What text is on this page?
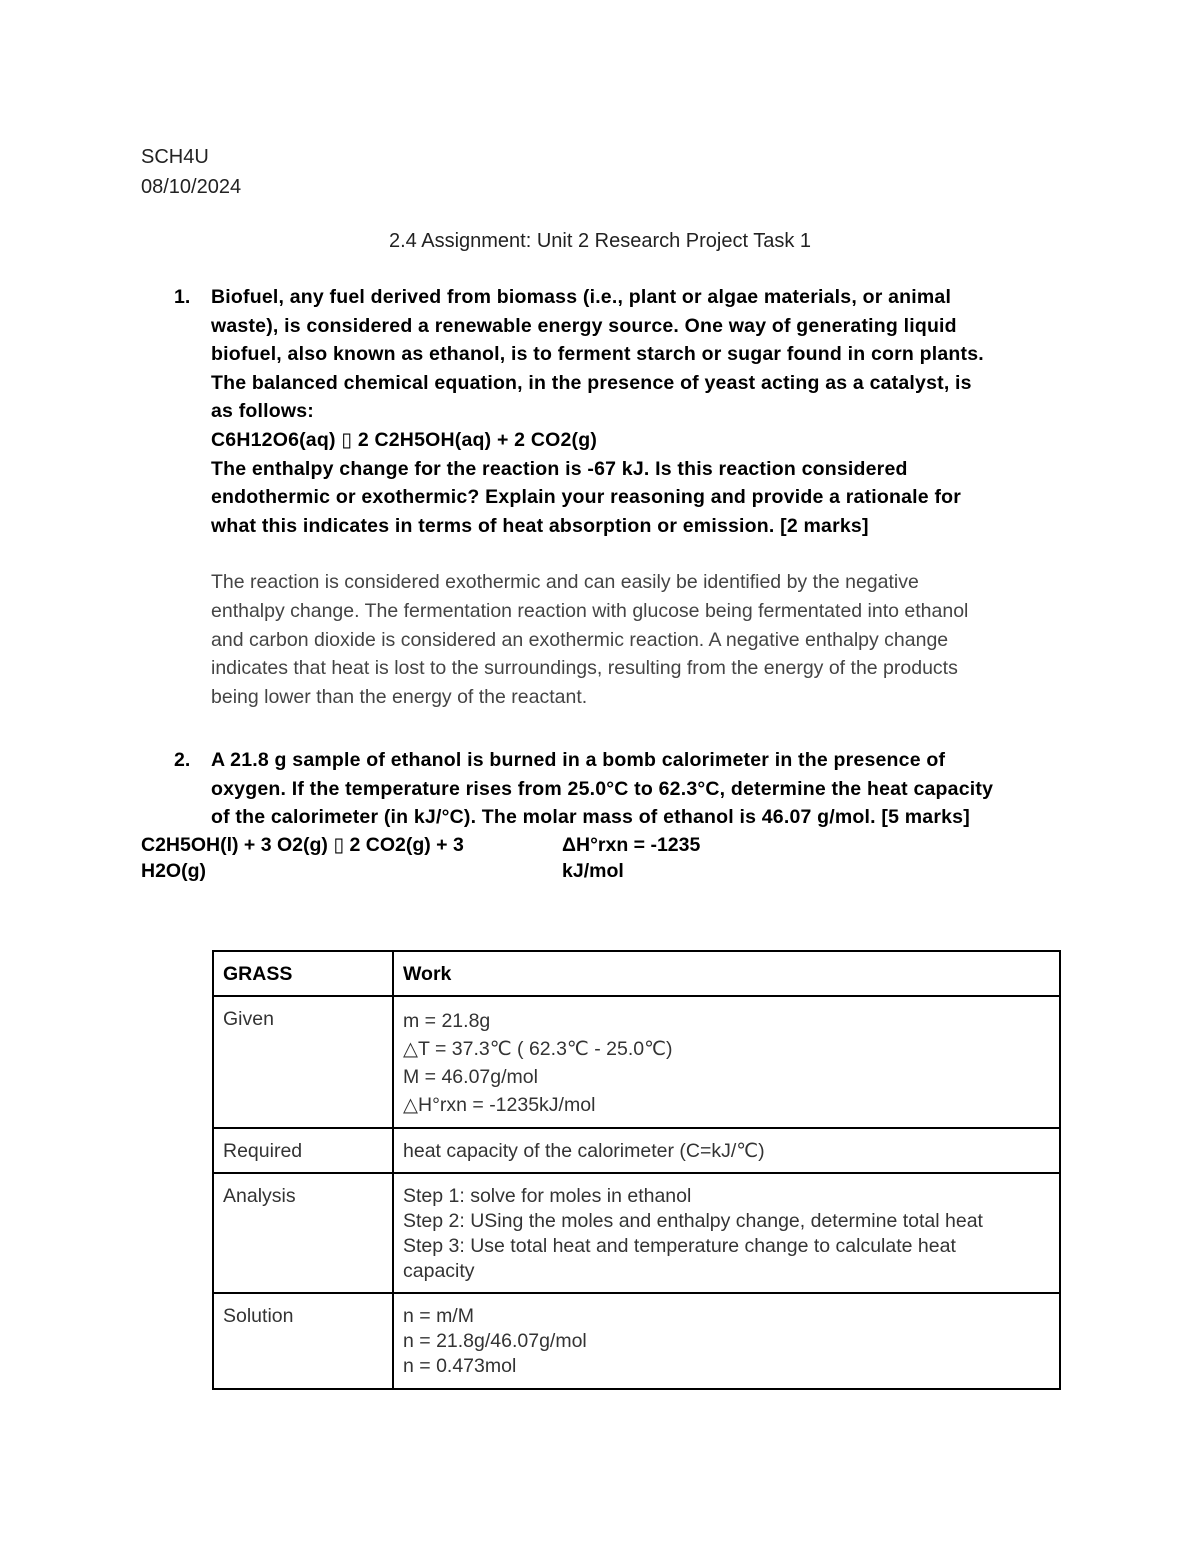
SCH4U
08/10/2024
2.4 Assignment: Unit 2 Research Project Task 1
1. Biofuel, any fuel derived from biomass (i.e., plant or algae materials, or animal
waste), is considered a renewable energy source. One way of generating liquid
biofuel, also known as ethanol, is to ferment starch or sugar found in corn plants.
The balanced chemical equation, in the presence of yeast acting as a catalyst, is
as follows:
C6H12O6(aq) ▯ 2 C2H5OH(aq) + 2 CO2(g)
The enthalpy change for the reaction is -67 kJ. Is this reaction considered
endothermic or exothermic? Explain your reasoning and provide a rationale for
what this indicates in terms of heat absorption or emission. [2 marks]
The reaction is considered exothermic and can easily be identified by the negative
enthalpy change. The fermentation reaction with glucose being fermentated into ethanol
and carbon dioxide is considered an exothermic reaction. A negative enthalpy change
indicates that heat is lost to the surroundings, resulting from the energy of the products
being lower than the energy of the reactant.
2. A 21.8 g sample of ethanol is burned in a bomb calorimeter in the presence of
oxygen. If the temperature rises from 25.0°C to 62.3°C, determine the heat capacity
of the calorimeter (in kJ/°C). The molar mass of ethanol is 46.07 g/mol. [5 marks]
C2H5OH(l) + 3 O2(g) ▯ 2 CO2(g) + 3
H2O(g)
ΔH°rxn = -1235
kJ/mol
GRASS	Work
Given	m = 21.8g
△T = 37.3℃ ( 62.3℃ - 25.0℃)
M = 46.07g/mol
△H°rxn = -1235kJ/mol

Required	heat capacity of the calorimeter (C=kJ/℃)

Analysis	Step 1: solve for moles in ethanol
Step 2: USing the moles and enthalpy change, determine total heat
Step 3: Use total heat and temperature change to calculate heat
capacity

Solution	n = m/M
n = 21.8g/46.07g/mol
n = 0.473mol
